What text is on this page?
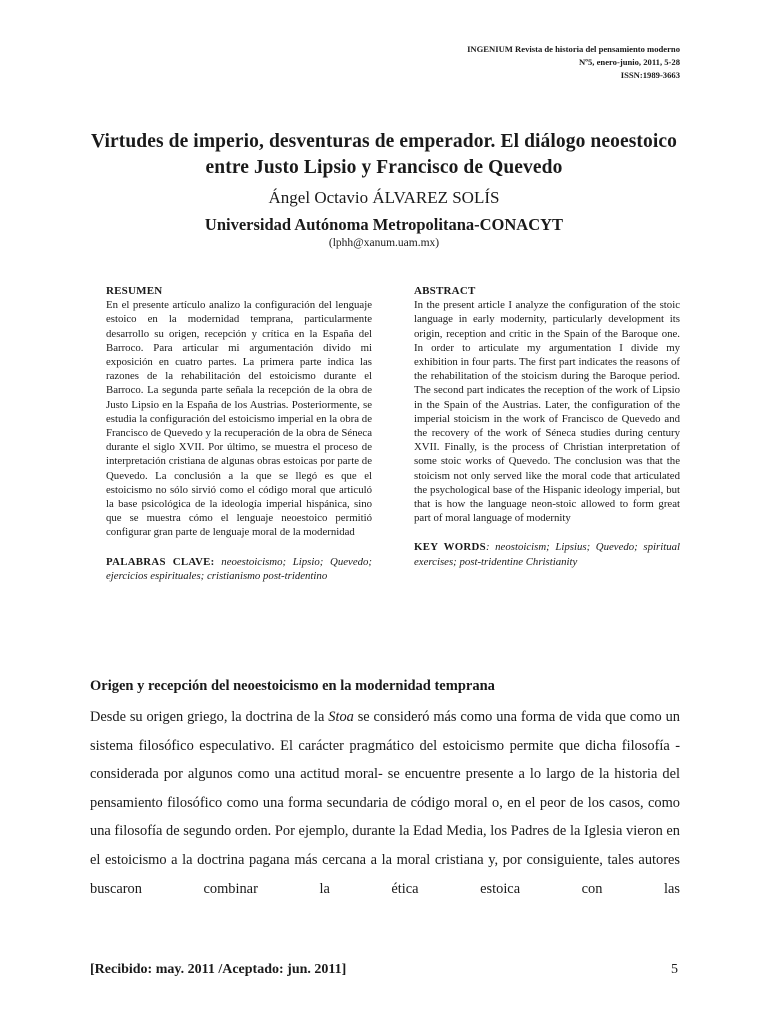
INGENIUM Revista de historia del pensamiento moderno
Nº5, enero-junio, 2011, 5-28
ISSN:1989-3663
Virtudes de imperio, desventuras de emperador. El diálogo neoestoico entre Justo Lipsio y Francisco de Quevedo
Ángel Octavio ÁLVAREZ SOLÍS
Universidad Autónoma Metropolitana-CONACYT
(lphh@xanum.uam.mx)
RESUMEN

En el presente artículo analizo la configuración del lenguaje estoico en la modernidad temprana, particularmente desarrollo su origen, recepción y crítica en la España del Barroco. Para articular mi argumentación divido mi exposición en cuatro partes. La primera parte indica las razones de la rehabilitación del estoicismo durante el Barroco. La segunda parte señala la recepción de la obra de Justo Lipsio en la España de los Austrias. Posteriormente, se estudia la configuración del estoicismo imperial en la obra de Francisco de Quevedo y la recuperación de la obra de Séneca durante el siglo XVII. Por último, se muestra el proceso de interpretación cristiana de algunas obras estoicas por parte de Quevedo. La conclusión a la que se llegó es que el estoicismo no sólo sirvió como el código moral que articuló la base psicológica de la ideología imperial hispánica, sino que se muestra cómo el lenguaje neoestoico permitió configurar gran parte de lenguaje moral de la modernidad

PALABRAS CLAVE: neoestoicismo; Lipsio; Quevedo; ejercicios espirituales; cristianismo post-tridentino

ABSTRACT

In the present article I analyze the configuration of the stoic language in early modernity, particularly development its origin, reception and critic in the Spain of the Baroque one. In order to articulate my argumentation I divide my exhibition in four parts. The first part indicates the reasons of the rehabilitation of the stoicism during the Baroque period. The second part indicates the reception of the work of Lipsio in the Spain of the Austrias. Later, the configuration of the imperial stoicism in the work of Francisco de Quevedo and the recovery of the work of Séneca studies during century XVII. Finally, is the process of Christian interpretation of some stoic works of Quevedo. The conclusion was that the stoicism not only served like the moral code that articulated the psychological base of the Hispanic ideology imperial, but that is how the language neon-stoic allowed to form great part of moral language of modernity

KEY WORDS: neostoicism; Lipsius; Quevedo; spiritual exercises; post-tridentine Christianity

Origen y recepción del neoestoicismo en la modernidad temprana
Desde su origen griego, la doctrina de la Stoa se consideró más como una forma de vida que como un sistema filosófico especulativo. El carácter pragmático del estoicismo permite que dicha filosofía -considerada por algunos como una actitud moral- se encuentre presente a lo largo de la historia del pensamiento filosófico como una forma secundaria de código moral o, en el peor de los casos, como una filosofía de segundo orden. Por ejemplo, durante la Edad Media, los Padres de la Iglesia vieron en el estoicismo a la doctrina pagana más cercana a la moral cristiana y, por consiguiente, tales autores buscaron combinar la ética estoica con las
[Recibido: may. 2011 /Aceptado: jun. 2011]	5
